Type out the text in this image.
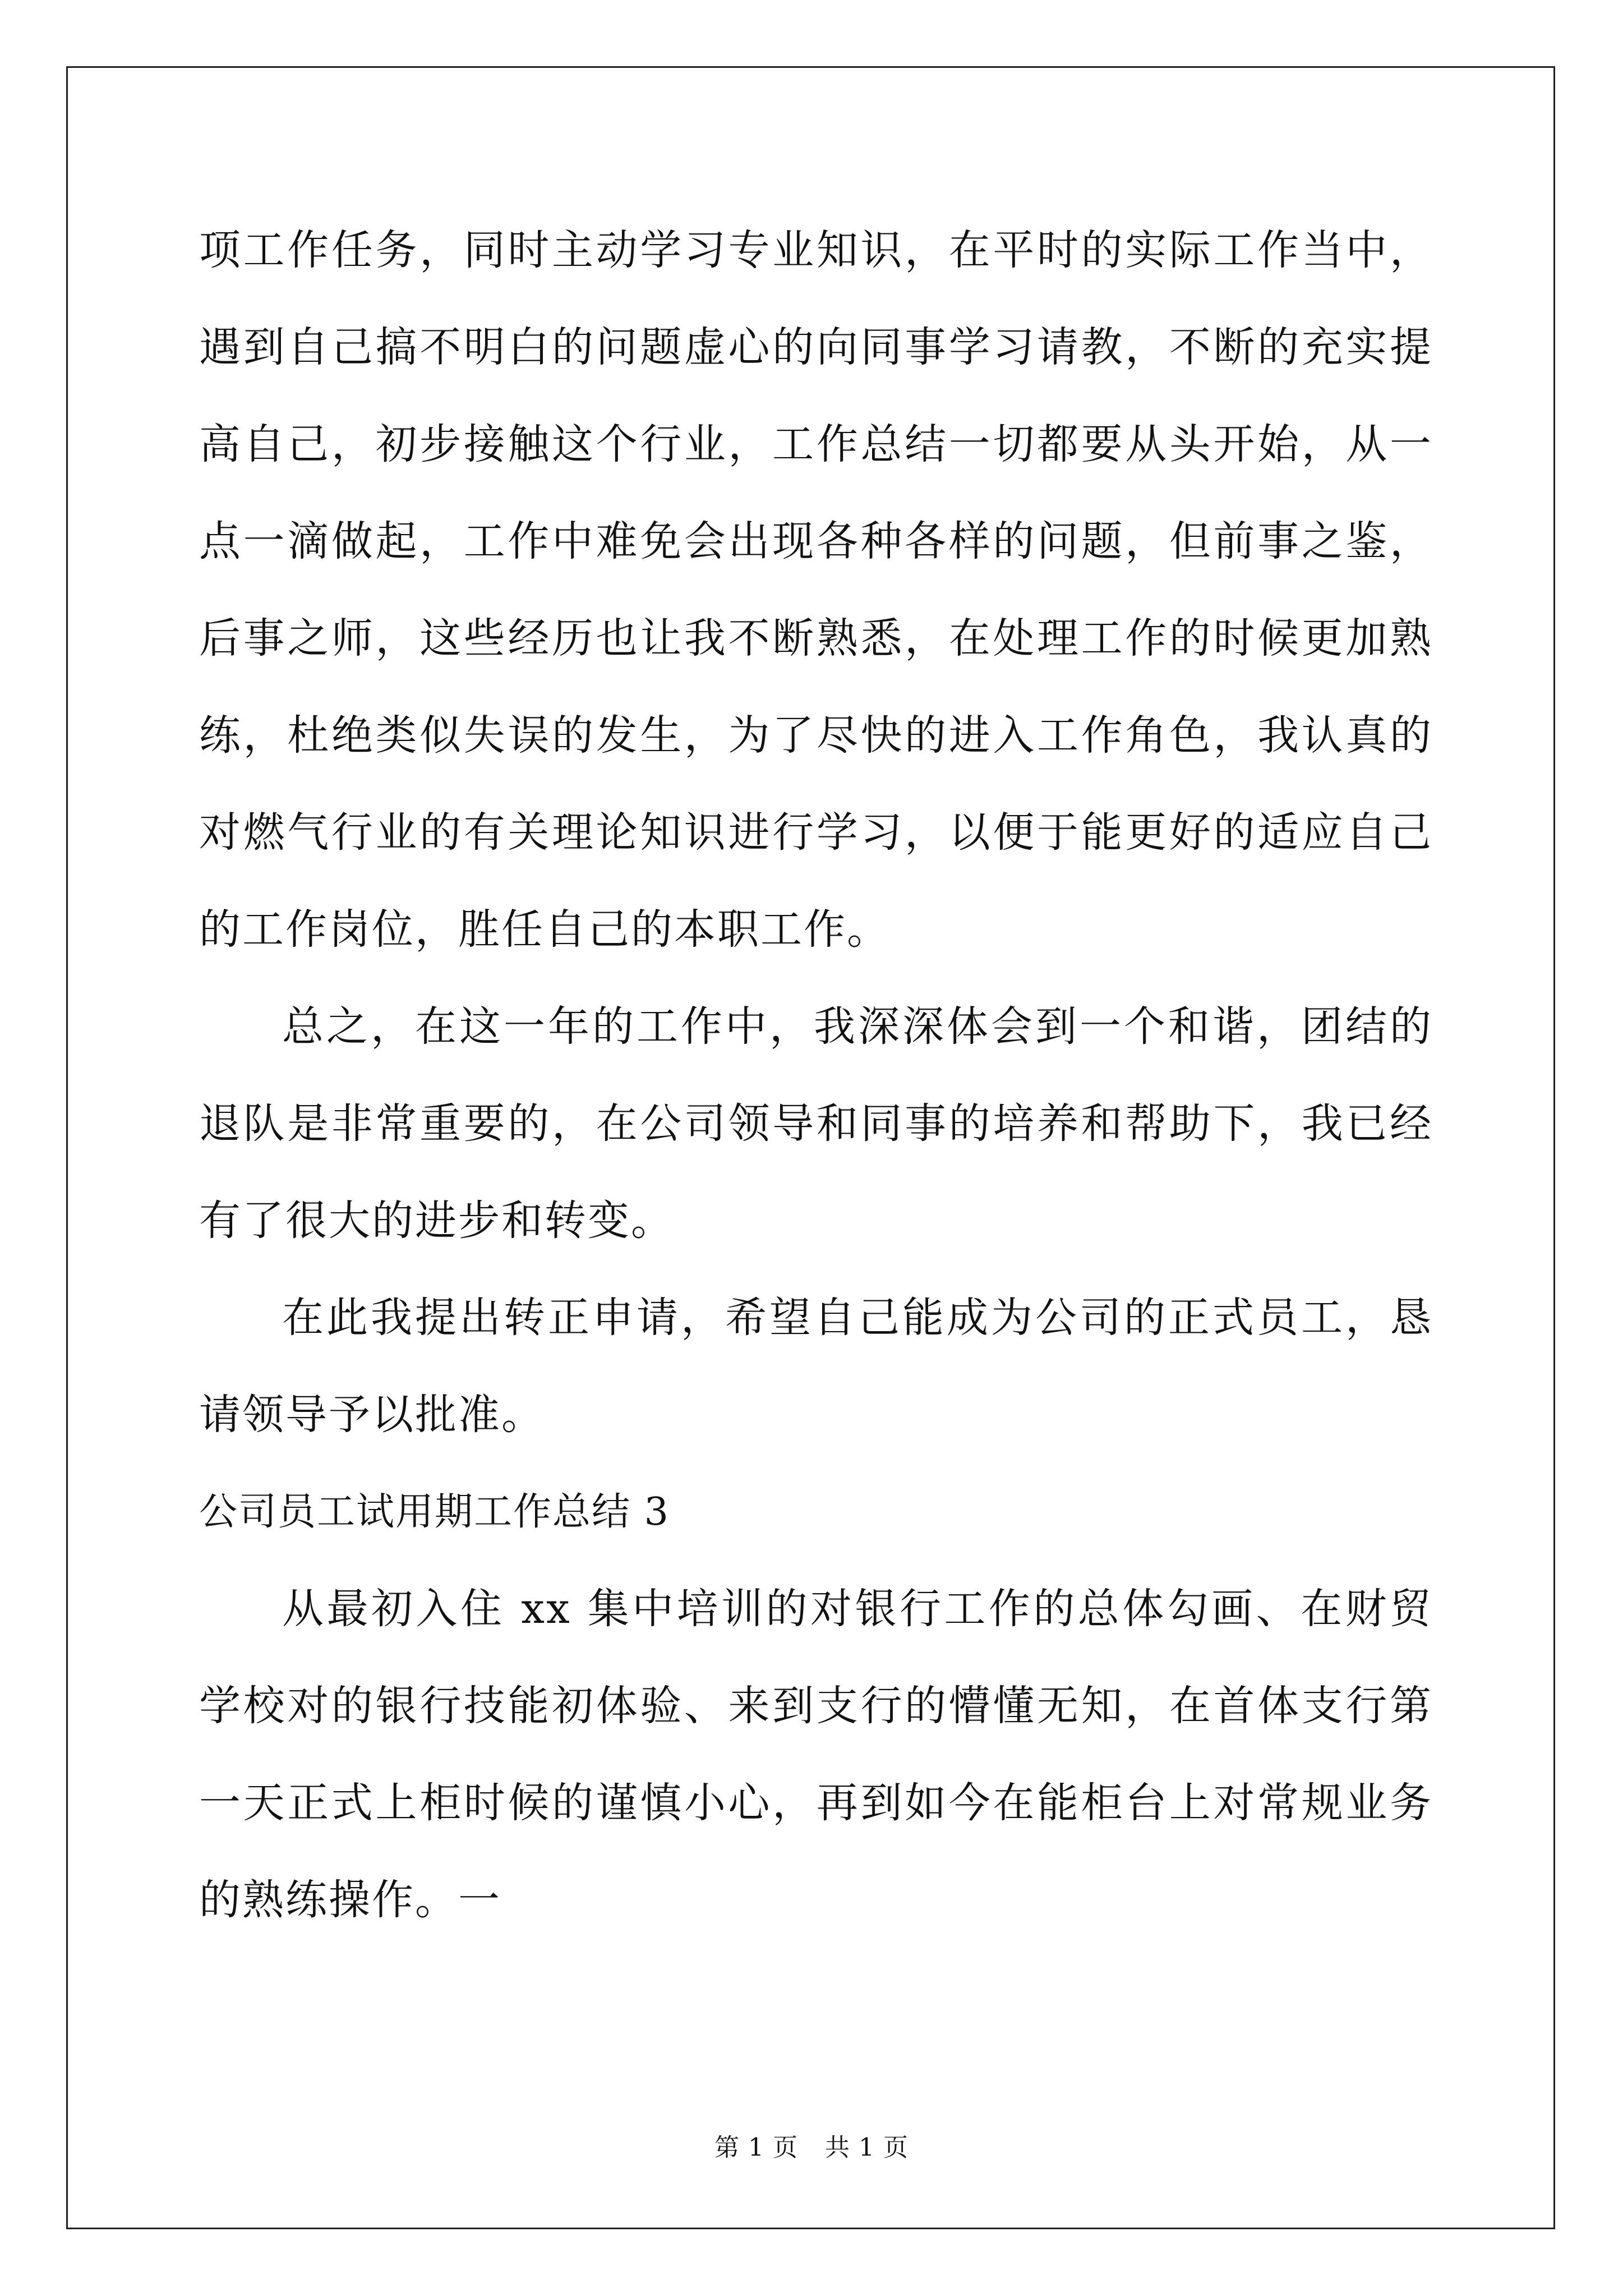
项工作任务，同时主动学习专业知识，在平时的实际工作当中，遇到自己搞不明白的问题虚心的向同事学习请教，不断的充实提高自己，初步接触这个行业，工作总结一切都要从头开始，从一点一滴做起，工作中难免会出现各种各样的问题，但前事之鉴，后事之师，这些经历也让我不断熟悉，在处理工作的时候更加熟练，杜绝类似失误的发生，为了尽快的进入工作角色，我认真的对燃气行业的有关理论知识进行学习，以便于能更好的适应自己的工作岗位，胜任自己的本职工作。

总之，在这一年的工作中，我深深体会到一个和谐，团结的退队是非常重要的，在公司领导和同事的培养和帮助下，我已经有了很大的进步和转变。

在此我提出转正申请，希望自己能成为公司的正式员工，恳请领导予以批准。

公司员工试用期工作总结 3

从最初入住 xx 集中培训的对银行工作的总体勾画、在财贸学校对的银行技能初体验、来到支行的懵懂无知，在首体支行第一天正式上柜时候的谨慎小心，再到如今在能柜台上对常规业务的熟练操作。一

第 1 页 共 1 页
